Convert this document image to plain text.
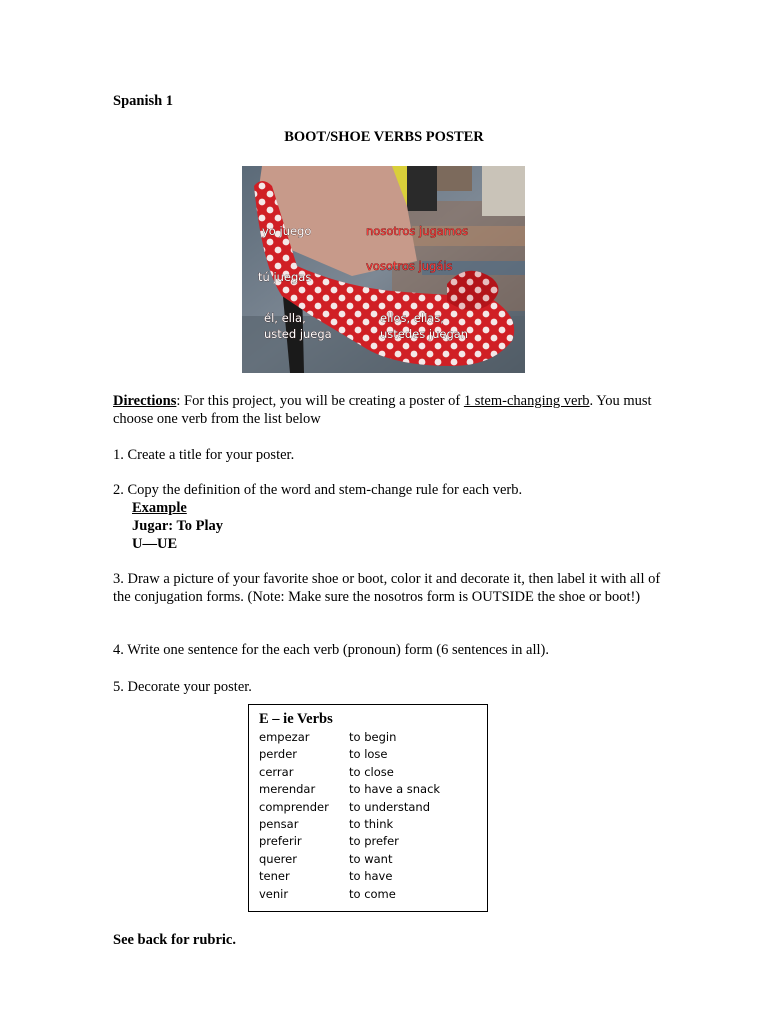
Spanish 1
BOOT/SHOE VERBS POSTER
yo juego
tú juegas
él, ella,
usted juega
nosotros jugamos
vosotros jugáis
ellos, ellas,
ustedes juegan
Directions: For this project, you will be creating a poster of 1 stem-changing verb. You must choose one verb from the list below
1. Create a title for your poster.
2. Copy the definition of the word and stem-change rule for each verb.
Example
Jugar: To Play
U—UE
3. Draw a picture of your favorite shoe or boot, color it and decorate it, then label it with all of the conjugation forms. (Note: Make sure the nosotros form is OUTSIDE the shoe or boot!)
4. Write one sentence for the each verb (pronoun) form (6 sentences in all).
5. Decorate your poster.
E – ie Verbs
empezar	to begin
perder	to lose
cerrar	to close
merendar	to have a snack
comprender	to understand
pensar	to think
preferir	to prefer
querer	to want
tener	to have
venir	to come
See back for rubric.
